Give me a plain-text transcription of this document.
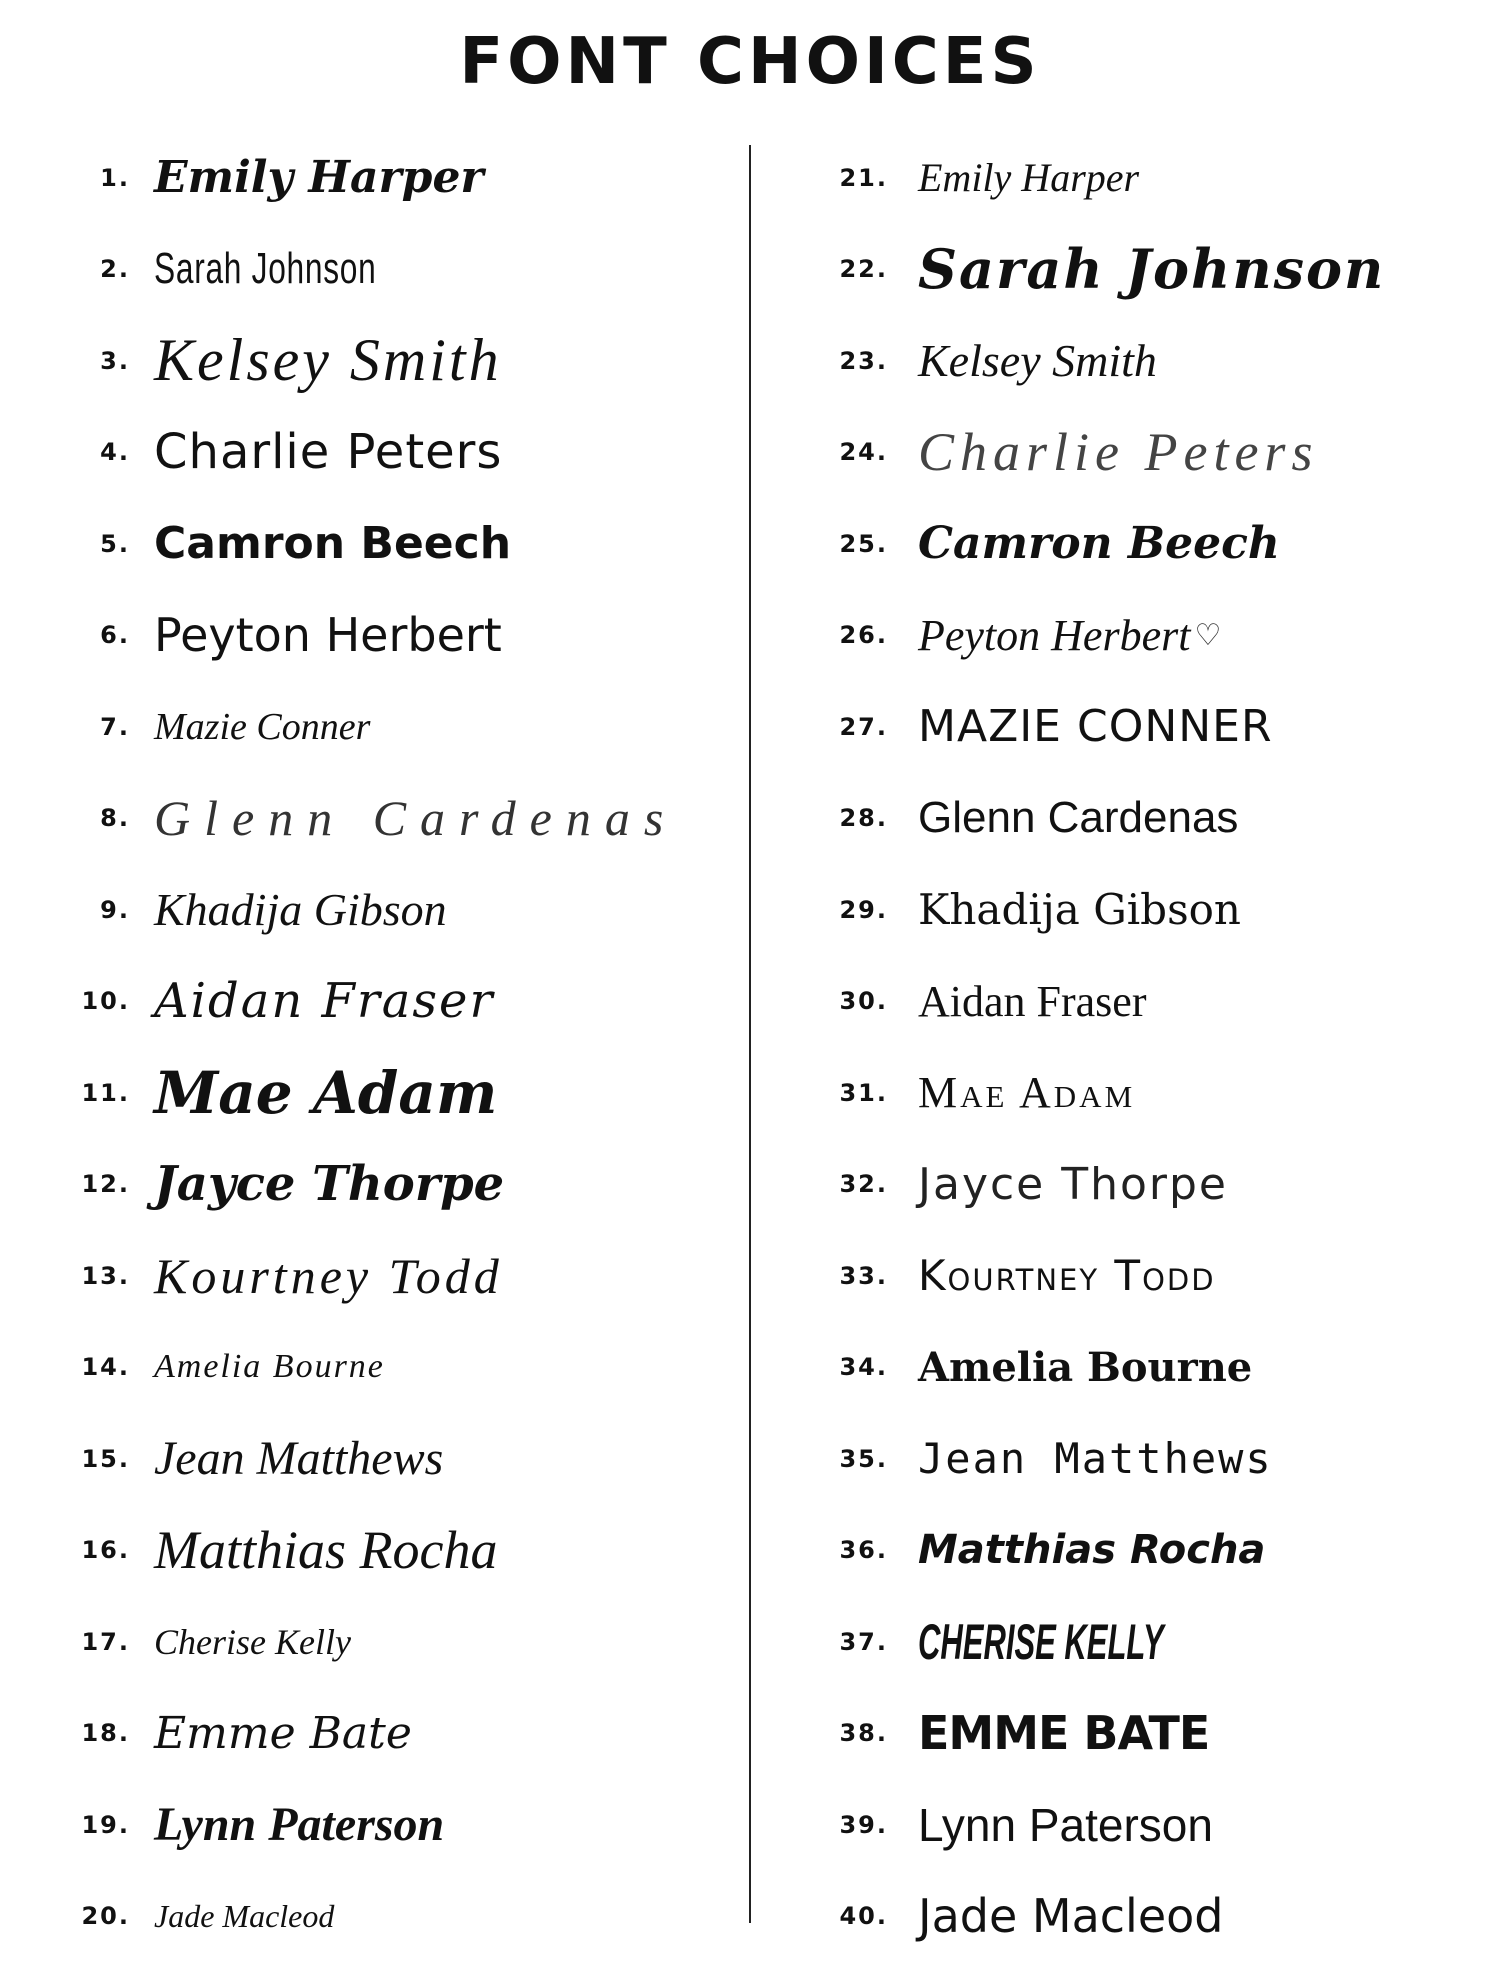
FONT CHOICES
1. Emily Harper
2. Sarah Johnson
3. Kelsey Smith
4. Charlie Peters
5. Camron Beech
6. Peyton Herbert
7. Mazie Conner
8. Glenn Cardenas
9. Khadija Gibson
10. Aidan Fraser
11. Mae Adam
12. Jayce Thorpe
13. Kourtney Todd
14. Amelia Bourne
15. Jean Matthews
16. Matthias Rocha
17. Cherise Kelly
18. Emme Bate
19. Lynn Paterson
20. Jade Macleod
21. Emily Harper
22. Sarah Johnson
23. Kelsey Smith
24. Charlie Peters
25. Camron Beech
26. Peyton Herbert ♡
27. MAZIE CONNER
28. Glenn Cardenas
29. Khadija Gibson
30. Aidan Fraser
31. Mae Adam
32. Jayce Thorpe
33. Kourtney Todd
34. Amelia Bourne
35. Jean Matthews
36. Matthias Rocha
37. CHERISE KELLY
38. EMME BATE
39. Lynn Paterson
40. Jade Macleod
